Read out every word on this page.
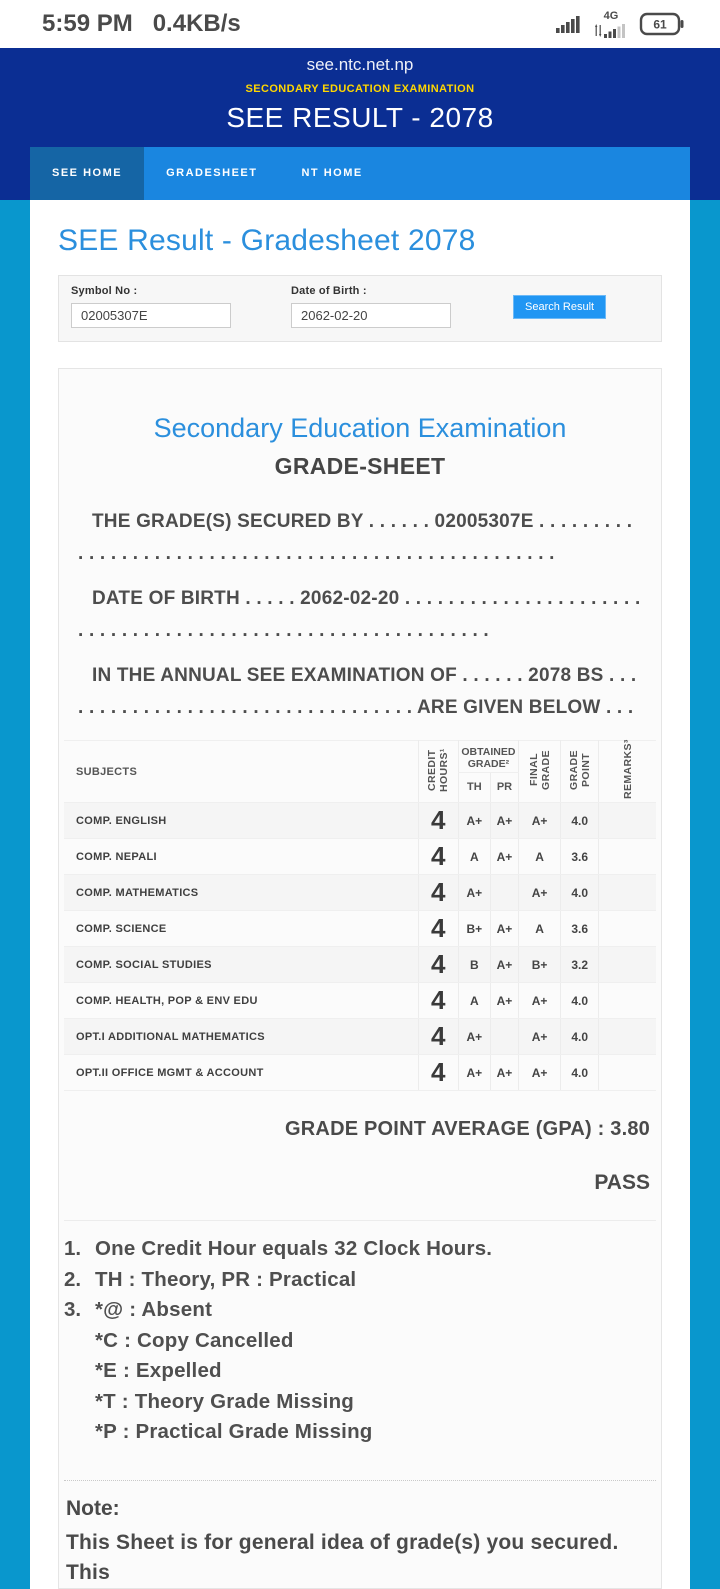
5:59 PM 0.4KB/s	4G
61
see.ntc.net.np
SECONDARY EDUCATION EXAMINATION
SEE RESULT - 2078
SEE HOME	GRADESHEET	NT HOME
SEE Result - Gradesheet 2078
Symbol No :
02005307E	Date of Birth :
2062-02-20
Search Result
Secondary Education Examination
GRADE-SHEET

THE GRADE(S) SECURED BY . . . . . . 02005307E . . . . . . . . . . . . . . . . . . . . . . . . . . . . . . . . . . . . . . . . . . . . . . . . . . . . .

DATE OF BIRTH . . . . . 2062-02-20 . . . . . . . . . . . . . . . . . . . . . . . . . . . . . . . . . . . . . . . . . . . . . . . . . . . . . . . . . . . .

IN THE ANNUAL SEE EXAMINATION OF . . . . . . 2078 BS . . . . . . . . . . . . . . . . . . . . . . . . . . . . . . . . . . ARE GIVEN BELOW . . .

SUBJECTS	CREDIT HOURS¹	OBTAINED GRADE²		FINAL GRADE	GRADE POINT	REMARKS³
		TH	PR			
COMP. ENGLISH	4	A+	A+	A+	4.0	
COMP. NEPALI	4	A	A+	A	3.6	
COMP. MATHEMATICS	4	A+		A+	4.0	
COMP. SCIENCE	4	B+	A+	A	3.6	
COMP. SOCIAL STUDIES	4	B	A+	B+	3.2	
COMP. HEALTH, POP & ENV EDU	4	A	A+	A+	4.0	
OPT.I ADDITIONAL MATHEMATICS	4	A+		A+	4.0	
OPT.II OFFICE MGMT & ACCOUNT	4	A+	A+	A+	4.0	
GRADE POINT AVERAGE (GPA) : 3.80
PASS
1. One Credit Hour equals 32 Clock Hours.
2. TH : Theory, PR : Practical
3. *@ : Absent
*C : Copy Cancelled
*E : Expelled
*T : Theory Grade Missing
*P : Practical Grade Missing
Note:
This Sheet is for general idea of grade(s) you secured. This
